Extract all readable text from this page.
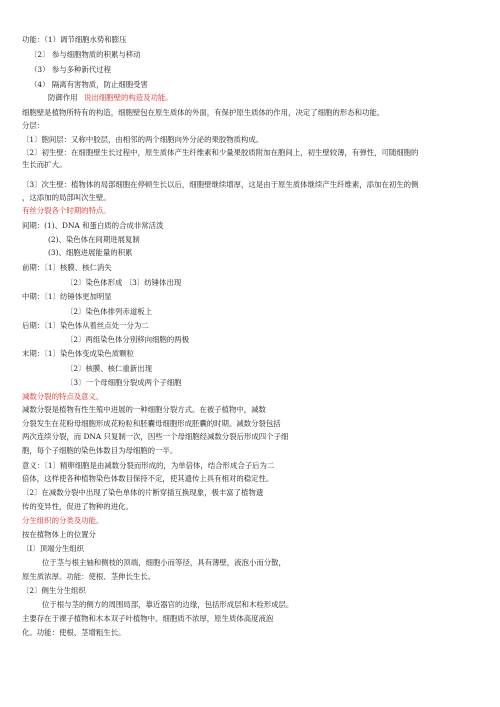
功能：（1）调节细胞水势和膨压
〔2〕 参与细胞物质的积累与移动
（3） 参与多种新代过程
（4） 隔离有害物质，防止细胞受害
防御作用 说出细胞壁的构造及功能。
细胞壁是植物所特有的构造，细胞壁包在原生质体的外面，有保护原生质体的作用，决定了细胞的形态和功能。
分层：
〔1〕胞间层：又称中胶层，由相邻的两个细胞向外分泌的果胶物质构成。
〔2〕初生壁：在细胞壁生长过程中，原生质体产生纤维素和少量果胶质附加在胞间上，初生壁较薄，有弹性，可随细胞的
生长而扩大。
〔3〕次生壁：植物体的局部细胞在停顿生长以后，细胞壁继续增厚，这是由于原生质体继续产生纤维素，添加在初生的侧
，这添加的局部叫次生壁。
有丝分裂各个时期的特点。
间期：(1)、DNA 和蛋白质的合成非常活泼
(2)、染色体在间期进展复制
(3)、细胞进展能量的积累
前期：〔1〕核膜、核仁消失
〔2〕染色体形成 〔3〕纺锤体出现
中期：〔1〕纺锤体更加明显
〔2〕染色体排列赤道板上
后期：〔1〕染色体从着丝点处一分为二
〔2〕两组染色体分别移向细胞的两极
末期：〔1〕染色体变成染色质颗粒
〔2〕核膜、核仁重新出现
〔3〕一个母细胞分裂成两个子细胞
减数分裂的特点及意义。
减数分裂是植物有性生殖中进展的一种细胞分裂方式。在被子植物中，减数
分裂发生在花粉母细胞形成花粉粒和胚囊母细胞形成胚囊的时期。减数分裂包括
两次连续分裂，而 DNA 只复制一次，因些一个母细胞经减数分裂后形成四个子细
胞，每个子细胞的染色体数目为母细胞的一半。
意义：〔1〕精卵细胞是由减数分裂而形成的，为单倍体，结合形成合子后为二
倍体，这样使各种植物染色体数目保持不定，使其遗传上具有相对的稳定性。
〔2〕在减数分裂中出现了染色单体的片断穿插互换现象，极丰富了植物遗
传的变异性，促进了物种的进化。
分生组织的分类及功能。
按在植物体上的位置分
〔Ⅰ〕顶端分生组织
位于茎与根主轴和侧枝的顶端，细胞小而等径，具有薄壁，液泡小而分散，
原生质浓厚。功能：使根、茎伸长生长。
〔2〕侧生分生组织
位于根与茎的侧方的周围局部，靠近器官的边缘，包括形成层和木栓形成层。
主要存在于裸子植物和木本双子叶植物中。细胞质不浓厚，原生质体高度液泡
化。功能：使根、茎增粗生长。
